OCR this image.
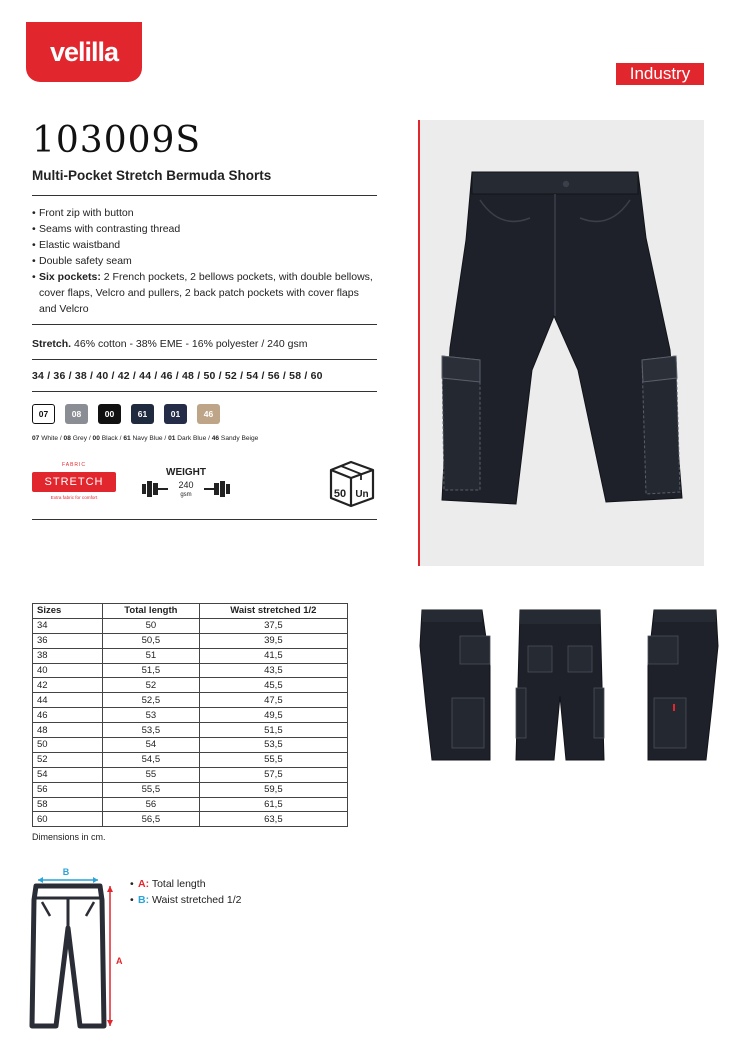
velilla
Industry
103009S
Multi-Pocket Stretch Bermuda Shorts
• Front zip with button
• Seams with contrasting thread
• Elastic waistband
• Double safety seam
• Six pockets: 2 French pockets, 2 bellows pockets, with double bellows, cover flaps, Velcro and pullers, 2 back patch pockets with cover flaps and Velcro
Stretch. 46% cotton - 38% EME - 16% polyester / 240 gsm
34 / 36 / 38 / 40 / 42 / 44 / 46 / 48 / 50 / 52 / 54 / 56 / 58 / 60
07	08	00	61	01	46
07 White / 08 Grey / 00 Black / 61 Navy Blue / 01 Dark Blue / 46 Sandy Beige
FABRIC
STRETCH
Extra fabric for comfort
WEIGHT
240
gsm	50 Un
Sizes	Total length	Waist stretched 1/2
34	50	37,5
36	50,5	39,5
38	51	41,5
40	51,5	43,5
42	52	45,5
44	52,5	47,5
46	53	49,5
48	53,5	51,5
50	54	53,5
52	54,5	55,5
54	55	57,5
56	55,5	59,5
58	56	61,5
60	56,5	63,5
Dimensions in cm.
B
A
• A: Total length
• B: Waist stretched 1/2
